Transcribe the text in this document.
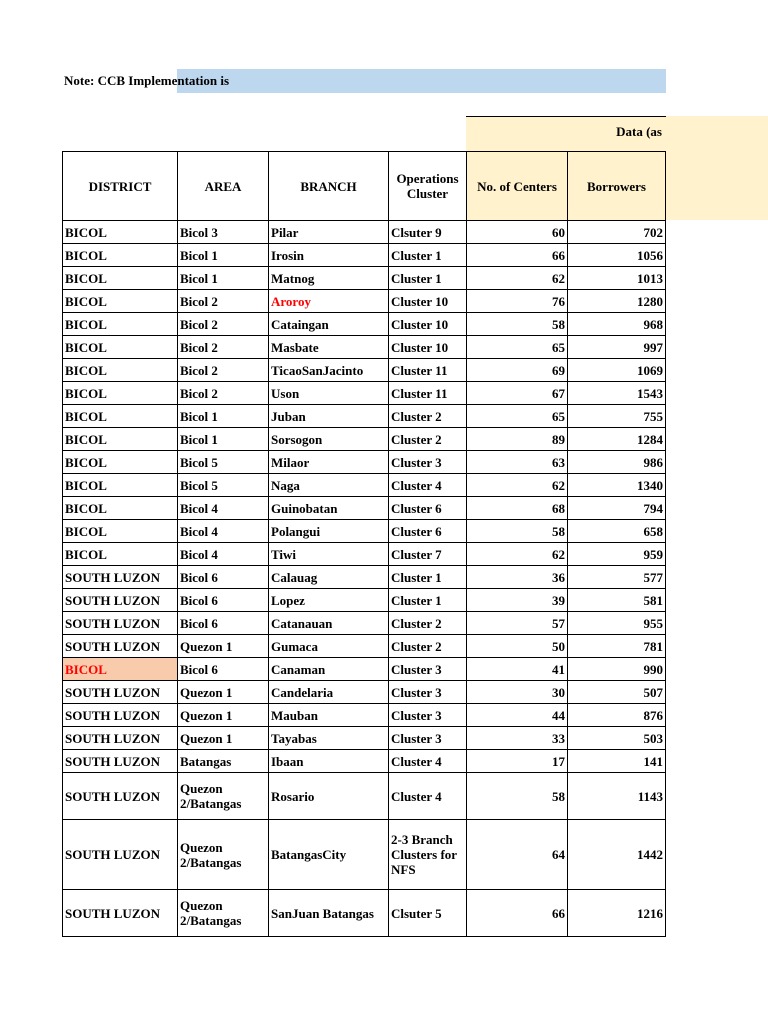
Note: CCB Implementation is
Data (as
DISTRICT	AREA	BRANCH	Operations Cluster	No. of Centers	Borrowers
BICOL	Bicol 3	Pilar	Clsuter 9	60	702
BICOL	Bicol 1	Irosin	Cluster 1	66	1056
BICOL	Bicol 1	Matnog	Cluster 1	62	1013
BICOL	Bicol 2	Aroroy	Cluster 10	76	1280
BICOL	Bicol 2	Cataingan	Cluster 10	58	968
BICOL	Bicol 2	Masbate	Cluster 10	65	997
BICOL	Bicol 2	TicaoSanJacinto	Cluster 11	69	1069
BICOL	Bicol 2	Uson	Cluster 11	67	1543
BICOL	Bicol 1	Juban	Cluster 2	65	755
BICOL	Bicol 1	Sorsogon	Cluster 2	89	1284
BICOL	Bicol 5	Milaor	Cluster 3	63	986
BICOL	Bicol 5	Naga	Cluster 4	62	1340
BICOL	Bicol 4	Guinobatan	Cluster 6	68	794
BICOL	Bicol 4	Polangui	Cluster 6	58	658
BICOL	Bicol 4	Tiwi	Cluster 7	62	959
SOUTH LUZON	Bicol 6	Calauag	Cluster 1	36	577
SOUTH LUZON	Bicol 6	Lopez	Cluster 1	39	581
SOUTH LUZON	Bicol 6	Catanauan	Cluster 2	57	955
SOUTH LUZON	Quezon 1	Gumaca	Cluster 2	50	781
BICOL	Bicol 6	Canaman	Cluster 3	41	990
SOUTH LUZON	Quezon 1	Candelaria	Cluster 3	30	507
SOUTH LUZON	Quezon 1	Mauban	Cluster 3	44	876
SOUTH LUZON	Quezon 1	Tayabas	Cluster 3	33	503
SOUTH LUZON	Batangas	Ibaan	Cluster 4	17	141
SOUTH LUZON	Quezon 2/Batangas	Rosario	Cluster 4	58	1143
SOUTH LUZON	Quezon 2/Batangas	BatangasCity	2-3 Branch Clusters for NFS	64	1442
SOUTH LUZON	Quezon 2/Batangas	SanJuan Batangas	Clsuter 5	66	1216
